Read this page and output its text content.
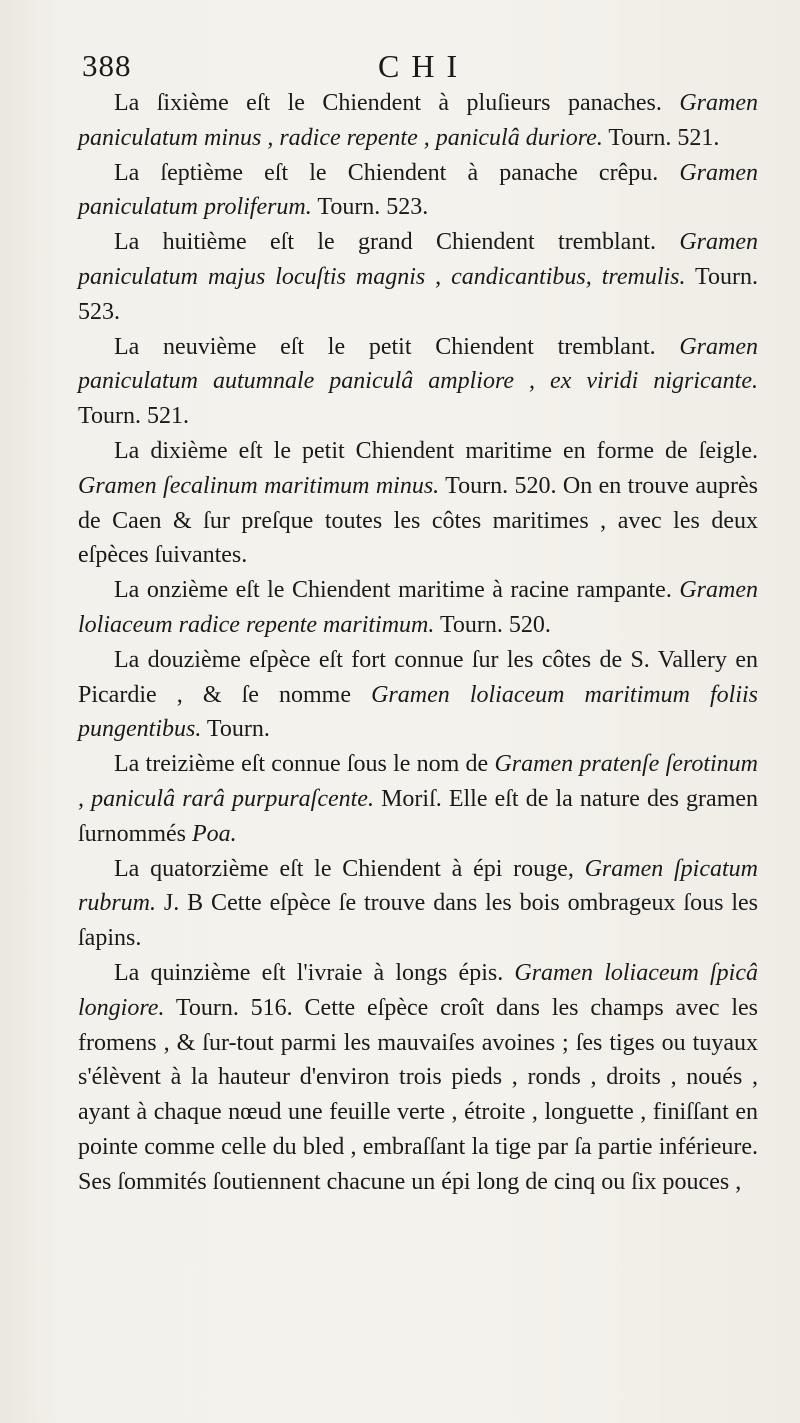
388	CHI

La ſixième eſt le Chiendent à pluſieurs panaches. Gramen paniculatum minus , radice repente , paniculâ duriore. Tourn. 521.

La ſeptième eſt le Chiendent à panache crêpu. Gramen paniculatum proliferum. Tourn. 523.

La huitième eſt le grand Chiendent tremblant. Gramen paniculatum majus locuſtis magnis , candicantibus, tremulis. Tourn. 523.

La neuvième eſt le petit Chiendent tremblant. Gramen paniculatum autumnale paniculâ ampliore , ex viridi nigricante. Tourn. 521.

La dixième eſt le petit Chiendent maritime en forme de ſeigle. Gramen ſecalinum maritimum minus. Tourn. 520. On en trouve auprès de Caen & ſur preſque toutes les côtes maritimes , avec les deux eſpèces ſuivantes.

La onzième eſt le Chiendent maritime à racine rampante. Gramen loliaceum radice repente maritimum. Tourn. 520.

La douzième eſpèce eſt fort connue ſur les côtes de S. Vallery en Picardie , & ſe nomme Gramen loliaceum maritimum foliis pungentibus. Tourn.

La treizième eſt connue ſous le nom de Gramen pratenſe ſerotinum , paniculâ rarâ purpuraſcente. Moriſ. Elle eſt de la nature des gramen ſurnommés Poa.

La quatorzième eſt le Chiendent à épi rouge, Gramen ſpicatum rubrum. J. B Cette eſpèce ſe trouve dans les bois ombrageux ſous les ſapins.

La quinzième eſt l'ivraie à longs épis. Gramen loliaceum ſpicâ longiore. Tourn. 516. Cette eſpèce croît dans les champs avec les fromens , & ſur-tout parmi les mauvaiſes avoines ; ſes tiges ou tuyaux s'élèvent à la hauteur d'environ trois pieds , ronds , droits , noués , ayant à chaque nœud une feuille verte , étroite , longuette , finiſſant en pointe comme celle du bled , embraſſant la tige par ſa partie inférieure. Ses ſommités ſoutiennent chacune un épi long de cinq ou ſix pouces ,
